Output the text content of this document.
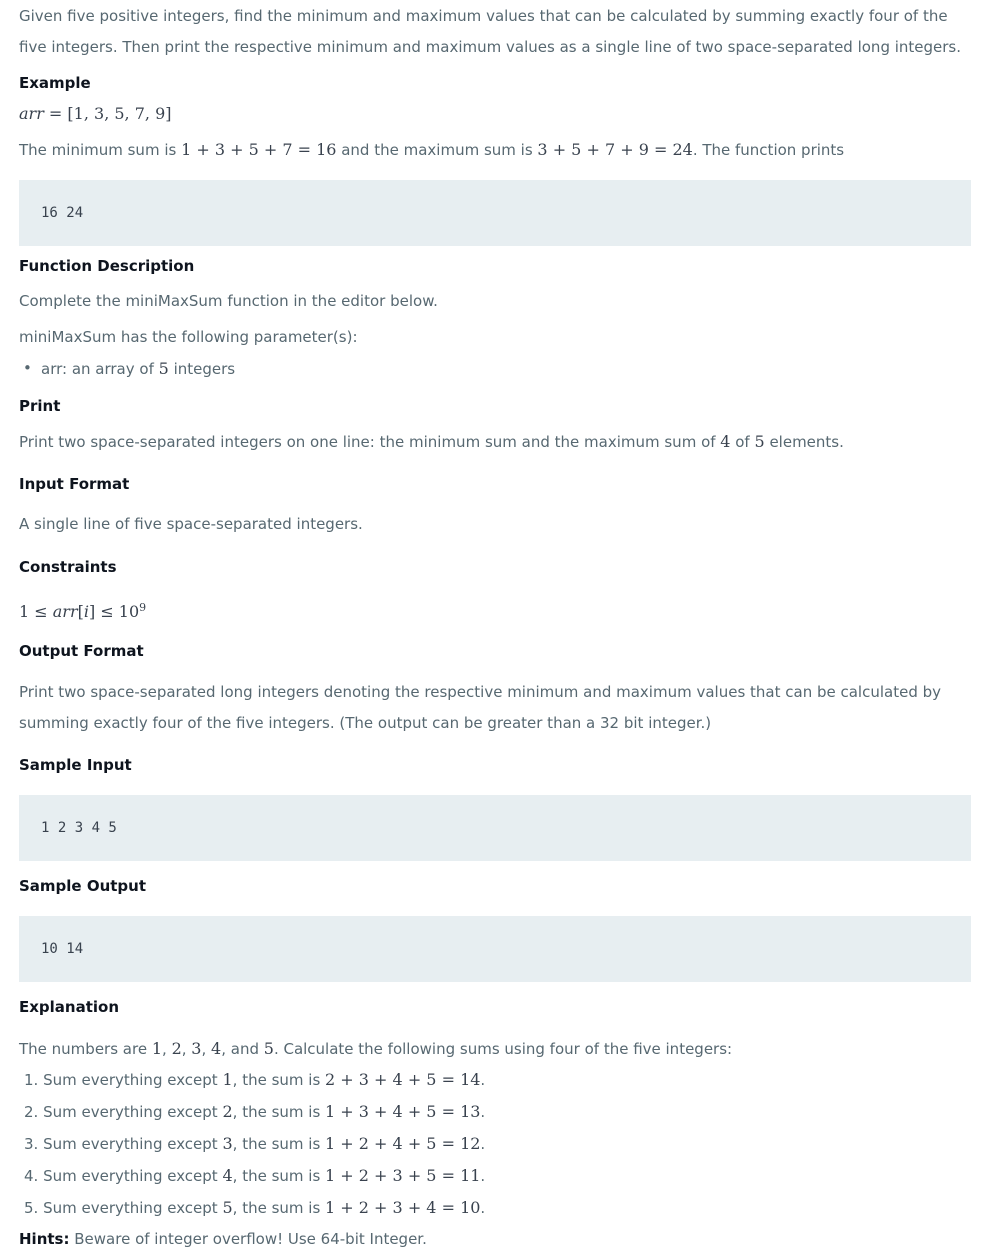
Given five positive integers, find the minimum and maximum values that can be calculated by summing exactly four of the five integers. Then print the respective minimum and maximum values as a single line of two space-separated long integers.

Example

arr = [1, 3, 5, 7, 9]

The minimum sum is 1 + 3 + 5 + 7 = 16 and the maximum sum is 3 + 5 + 7 + 9 = 24. The function prints

16 24

Function Description

Complete the miniMaxSum function in the editor below.

miniMaxSum has the following parameter(s):

• arr: an array of 5 integers

Print

Print two space-separated integers on one line: the minimum sum and the maximum sum of 4 of 5 elements.

Input Format

A single line of five space-separated integers.

Constraints

$1 \le arr[i] \le 10^9$

Output Format

Print two space-separated long integers denoting the respective minimum and maximum values that can be calculated by summing exactly four of the five integers. (The output can be greater than a 32 bit integer.)

Sample Input

1 2 3 4 5

Sample Output

10 14

Explanation

The numbers are 1, 2, 3, 4, and 5. Calculate the following sums using four of the five integers:

1. Sum everything except 1, the sum is 2 + 3 + 4 + 5 = 14.
2. Sum everything except 2, the sum is 1 + 3 + 4 + 5 = 13.
3. Sum everything except 3, the sum is 1 + 2 + 4 + 5 = 12.
4. Sum everything except 4, the sum is 1 + 2 + 3 + 5 = 11.
5. Sum everything except 5, the sum is 1 + 2 + 3 + 4 = 10.

Hints: Beware of integer overflow! Use 64-bit Integer.
